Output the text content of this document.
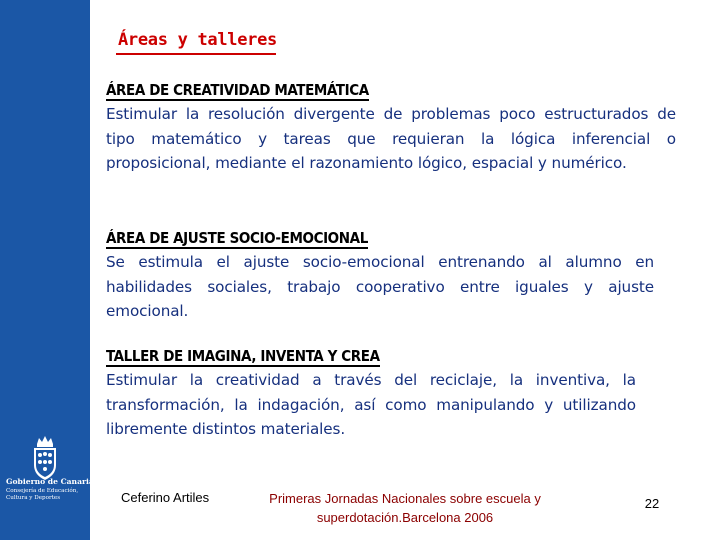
Gobierno de Canarias
Consejería de Educación, Cultura y Deportes
Áreas y talleres
ÁREA DE CREATIVIDAD MATEMÁTICA
Estimular la resolución divergente de problemas poco estructurados de tipo matemático y tareas que requieran la lógica inferencial o proposicional, mediante el razonamiento lógico, espacial y numérico.
ÁREA DE AJUSTE SOCIO-EMOCIONAL
Se estimula el ajuste socio-emocional entrenando al alumno en habilidades sociales, trabajo cooperativo entre iguales y ajuste emocional.
TALLER DE IMAGINA, INVENTA Y CREA
Estimular la creatividad a través del reciclaje, la inventiva, la transformación, la indagación, así como manipulando y utilizando libremente distintos materiales.
Ceferino Artiles	Primeras Jornadas Nacionales sobre escuela y superdotación.Barcelona 2006
22
